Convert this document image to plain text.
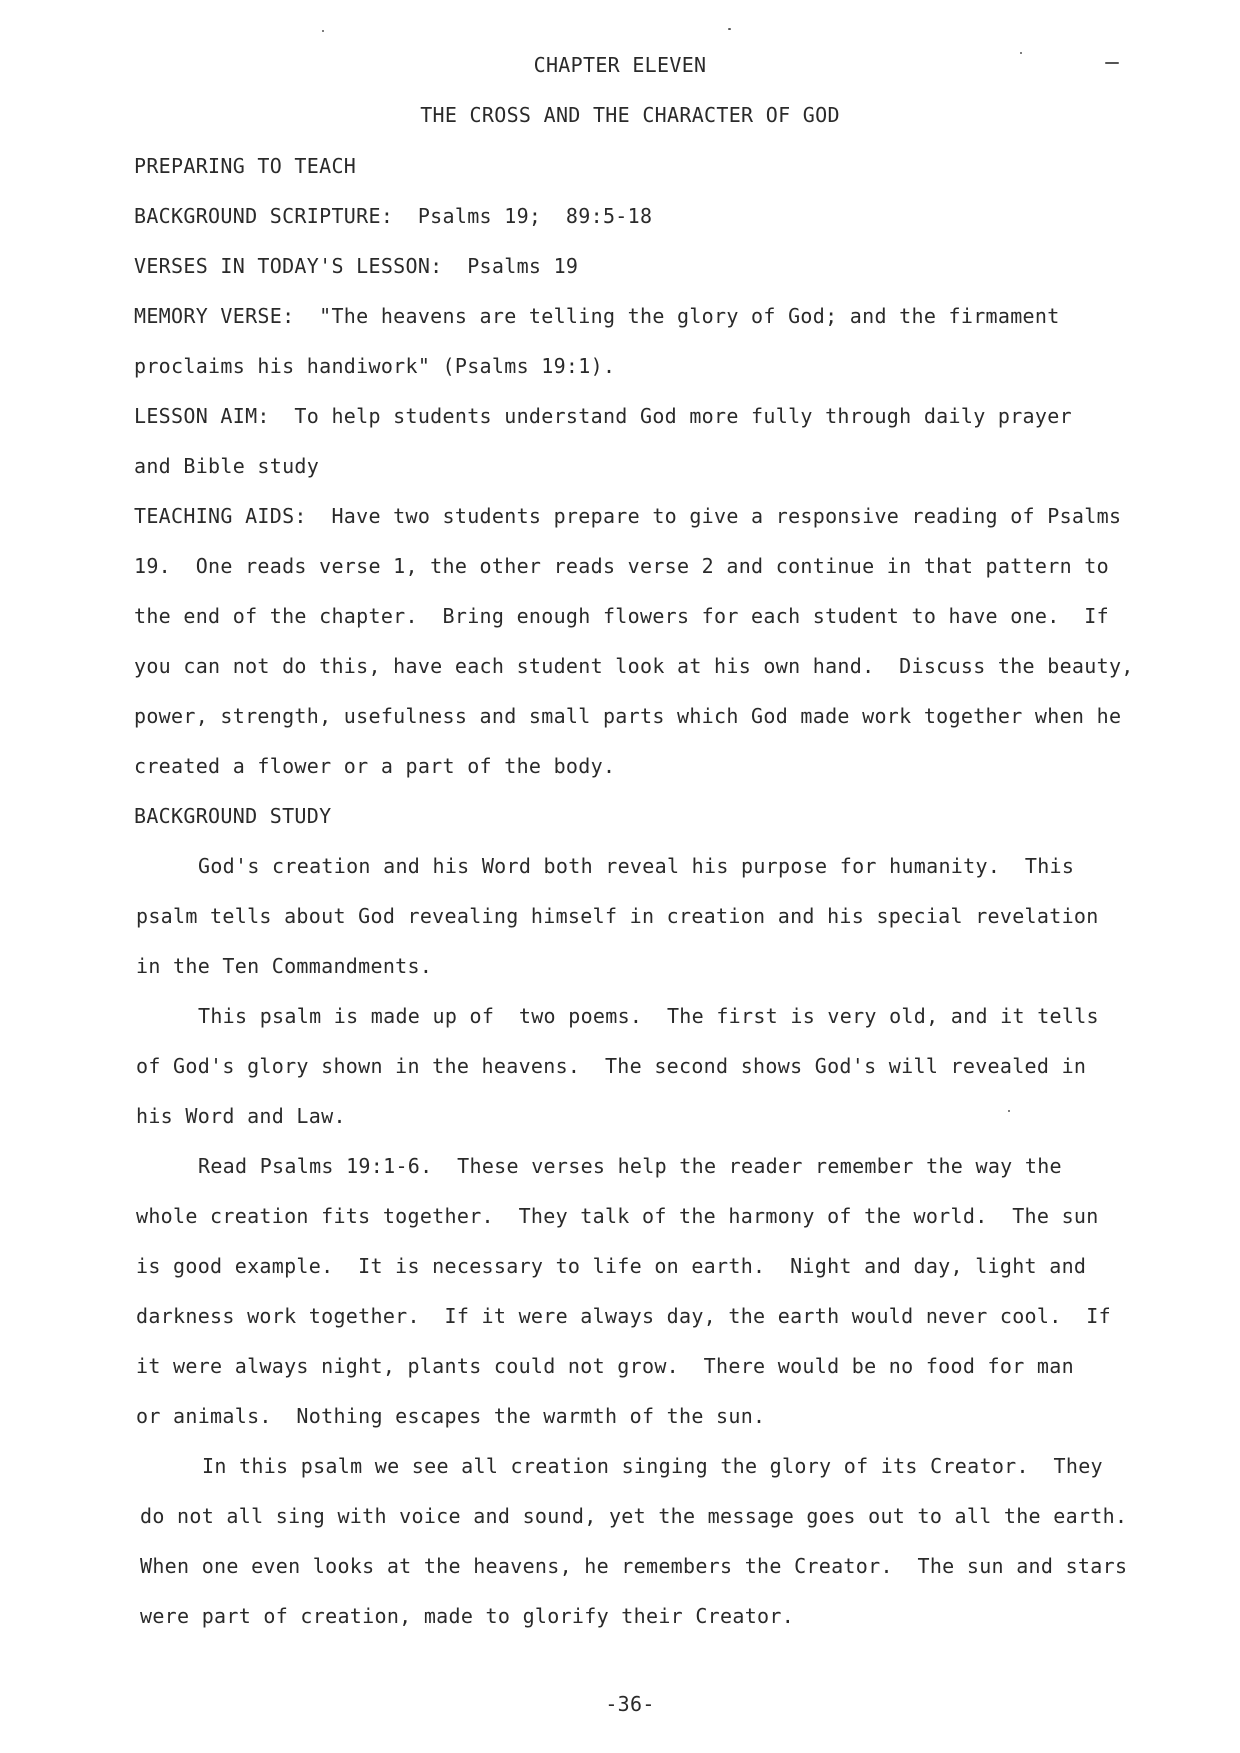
CHAPTER ELEVEN
THE CROSS AND THE CHARACTER OF GOD
PREPARING TO TEACH
BACKGROUND SCRIPTURE:  Psalms 19;  89:5-18
VERSES IN TODAY'S LESSON:  Psalms 19
MEMORY VERSE:  "The heavens are telling the glory of God; and the firmament
proclaims his handiwork" (Psalms 19:1).
LESSON AIM:  To help students understand God more fully through daily prayer
and Bible study
TEACHING AIDS:  Have two students prepare to give a responsive reading of Psalms
19.  One reads verse 1, the other reads verse 2 and continue in that pattern to
the end of the chapter.  Bring enough flowers for each student to have one.  If
you can not do this, have each student look at his own hand.  Discuss the beauty,
power, strength, usefulness and small parts which God made work together when he
created a flower or a part of the body.
BACKGROUND STUDY
God's creation and his Word both reveal his purpose for humanity.  This
psalm tells about God revealing himself in creation and his special revelation
in the Ten Commandments.
This psalm is made up of  two poems.  The first is very old, and it tells
of God's glory shown in the heavens.  The second shows God's will revealed in
his Word and Law.
Read Psalms 19:1-6.  These verses help the reader remember the way the
whole creation fits together.  They talk of the harmony of the world.  The sun
is good example.  It is necessary to life on earth.  Night and day, light and
darkness work together.  If it were always day, the earth would never cool.  If
it were always night, plants could not grow.  There would be no food for man
or animals.  Nothing escapes the warmth of the sun.
In this psalm we see all creation singing the glory of its Creator.  They
do not all sing with voice and sound, yet the message goes out to all the earth.
When one even looks at the heavens, he remembers the Creator.  The sun and stars
were part of creation, made to glorify their Creator.
-36-
